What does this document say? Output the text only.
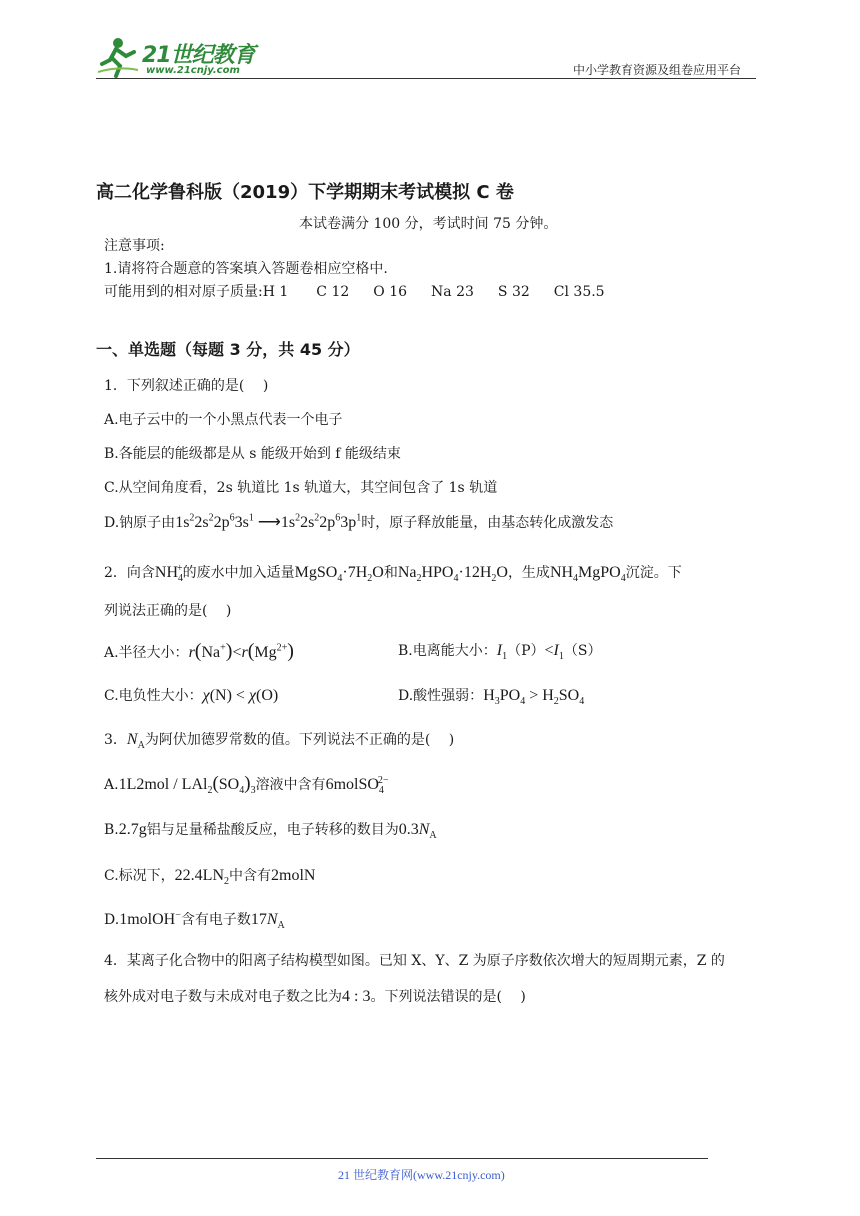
21世纪教育
www.21cnjy.com	中小学教育资源及组卷应用平台
高二化学鲁科版（2019）下学期期末考试模拟 C 卷
本试卷满分 100 分，考试时间 75 分钟。
注意事项:
1.请将符合题意的答案填入答题卷相应空格中.
可能用到的相对原子质量:H 1 C 12 O 16 Na 23 S 32 Cl 35.5
一、单选题（每题 3 分，共 45 分）
1．下列叙述正确的是(　 )
A.电子云中的一个小黑点代表一个电子
B.各能层的能级都是从 s 能级开始到 f 能级结束
C.从空间角度看，2s 轨道比 1s 轨道大，其空间包含了 1s 轨道
D.钠原子由$1s^22s^22p^63s^1$ $⟶1s^22s^22p^63p^1$时，原子释放能量，由基态转化成激发态
2．向含$NH_4^+$的废水中加入适量$MgSO_4\cdot 7H_2O$和$Na_2HPO_4\cdot 12H_2O$，生成$NH_4MgPO_4$沉淀。下
列说法正确的是(　 )
A.半径大小：$r(Na^+)<r(Mg^{2+})$	B.电离能大小：$I_1(P)<I_1(S)$
C.电负性大小：χ(N) < χ(O)	D.酸性强弱：$H_3PO_4 > H_2SO_4$
3．$N_A$为阿伏加德罗常数的值。下列说法不正确的是(　 )
$A.1L2mol / LAl_2(SO_4)_3$溶液中含有6molSO$_4^{2-}$
B.2.7g铝与足量稀盐酸反应，电子转移的数目为$0.3N_A$
C.标况下，$22.4LN_2$中含有2molN
D.1molOH−含有电子数$17N_A$
4．某离子化合物中的阳离子结构模型如图。已知 X、Y、Z 为原子序数依次增大的短周期元素，Z 的
核外成对电子数与未成对电子数之比为4 : 3。下列说法错误的是(　 )
21 世纪教育网(www.21cnjy.com)
